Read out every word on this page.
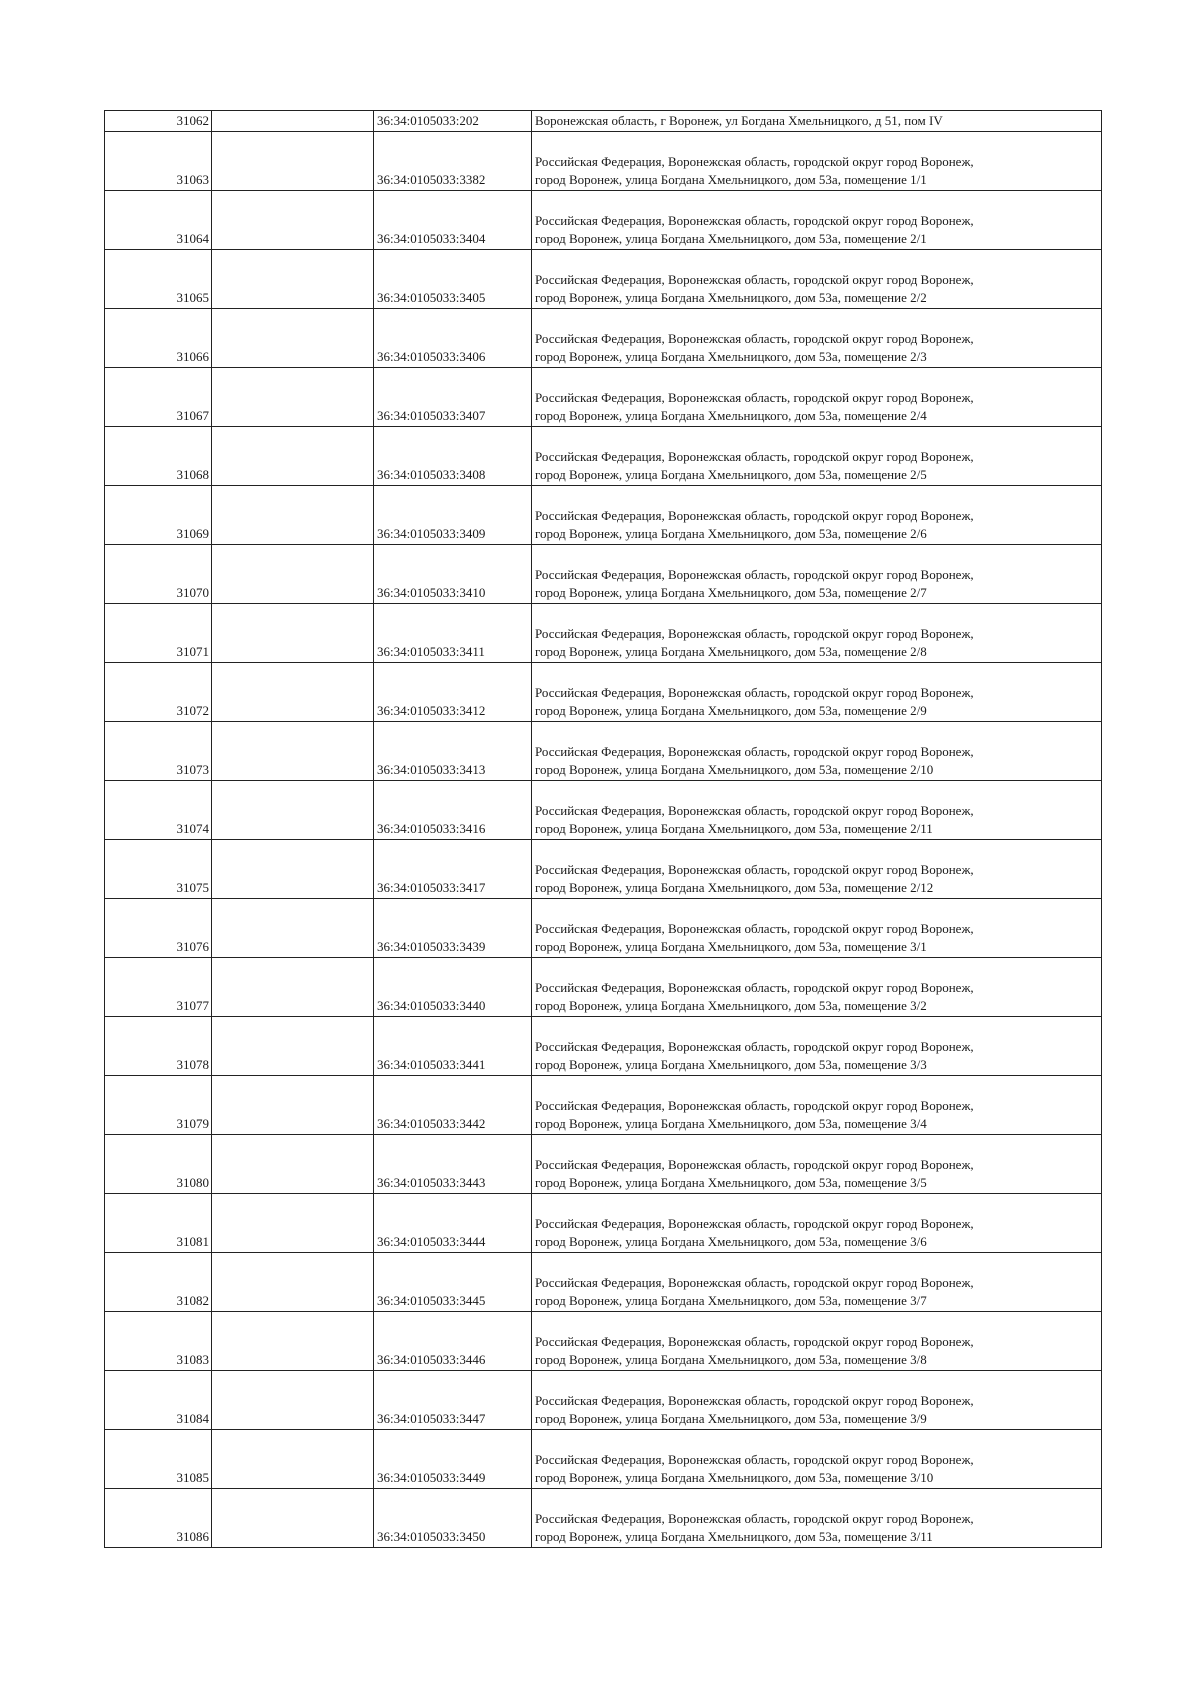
31062		36:34:0105033:202	Воронежская область, г Воронеж, ул Богдана Хмельницкого, д 51, пом IV

31063		36:34:0105033:3382	Российская Федерация, Воронежская область, городской округ город Воронеж,
город Воронеж, улица Богдана Хмельницкого, дом 53а, помещение 1/1

31064		36:34:0105033:3404	Российская Федерация, Воронежская область, городской округ город Воронеж,
город Воронеж, улица Богдана Хмельницкого, дом 53а, помещение 2/1

31065		36:34:0105033:3405	Российская Федерация, Воронежская область, городской округ город Воронеж,
город Воронеж, улица Богдана Хмельницкого, дом 53а, помещение 2/2

31066		36:34:0105033:3406	Российская Федерация, Воронежская область, городской округ город Воронеж,
город Воронеж, улица Богдана Хмельницкого, дом 53а, помещение 2/3

31067		36:34:0105033:3407	Российская Федерация, Воронежская область, городской округ город Воронеж,
город Воронеж, улица Богдана Хмельницкого, дом 53а, помещение 2/4

31068		36:34:0105033:3408	Российская Федерация, Воронежская область, городской округ город Воронеж,
город Воронеж, улица Богдана Хмельницкого, дом 53а, помещение 2/5

31069		36:34:0105033:3409	Российская Федерация, Воронежская область, городской округ город Воронеж,
город Воронеж, улица Богдана Хмельницкого, дом 53а, помещение 2/6

31070		36:34:0105033:3410	Российская Федерация, Воронежская область, городской округ город Воронеж,
город Воронеж, улица Богдана Хмельницкого, дом 53а, помещение 2/7

31071		36:34:0105033:3411	Российская Федерация, Воронежская область, городской округ город Воронеж,
город Воронеж, улица Богдана Хмельницкого, дом 53а, помещение 2/8

31072		36:34:0105033:3412	Российская Федерация, Воронежская область, городской округ город Воронеж,
город Воронеж, улица Богдана Хмельницкого, дом 53а, помещение 2/9

31073		36:34:0105033:3413	Российская Федерация, Воронежская область, городской округ город Воронеж,
город Воронеж, улица Богдана Хмельницкого, дом 53а, помещение 2/10

31074		36:34:0105033:3416	Российская Федерация, Воронежская область, городской округ город Воронеж,
город Воронеж, улица Богдана Хмельницкого, дом 53а, помещение 2/11

31075		36:34:0105033:3417	Российская Федерация, Воронежская область, городской округ город Воронеж,
город Воронеж, улица Богдана Хмельницкого, дом 53а, помещение 2/12

31076		36:34:0105033:3439	Российская Федерация, Воронежская область, городской округ город Воронеж,
город Воронеж, улица Богдана Хмельницкого, дом 53а, помещение 3/1

31077		36:34:0105033:3440	Российская Федерация, Воронежская область, городской округ город Воронеж,
город Воронеж, улица Богдана Хмельницкого, дом 53а, помещение 3/2

31078		36:34:0105033:3441	Российская Федерация, Воронежская область, городской округ город Воронеж,
город Воронеж, улица Богдана Хмельницкого, дом 53а, помещение 3/3

31079		36:34:0105033:3442	Российская Федерация, Воронежская область, городской округ город Воронеж,
город Воронеж, улица Богдана Хмельницкого, дом 53а, помещение 3/4

31080		36:34:0105033:3443	Российская Федерация, Воронежская область, городской округ город Воронеж,
город Воронеж, улица Богдана Хмельницкого, дом 53а, помещение 3/5

31081		36:34:0105033:3444	Российская Федерация, Воронежская область, городской округ город Воронеж,
город Воронеж, улица Богдана Хмельницкого, дом 53а, помещение 3/6

31082		36:34:0105033:3445	Российская Федерация, Воронежская область, городской округ город Воронеж,
город Воронеж, улица Богдана Хмельницкого, дом 53а, помещение 3/7

31083		36:34:0105033:3446	Российская Федерация, Воронежская область, городской округ город Воронеж,
город Воронеж, улица Богдана Хмельницкого, дом 53а, помещение 3/8

31084		36:34:0105033:3447	Российская Федерация, Воронежская область, городской округ город Воронеж,
город Воронеж, улица Богдана Хмельницкого, дом 53а, помещение 3/9

31085		36:34:0105033:3449	Российская Федерация, Воронежская область, городской округ город Воронеж,
город Воронеж, улица Богдана Хмельницкого, дом 53а, помещение 3/10

31086		36:34:0105033:3450	Российская Федерация, Воронежская область, городской округ город Воронеж,
город Воронеж, улица Богдана Хмельницкого, дом 53а, помещение 3/11
